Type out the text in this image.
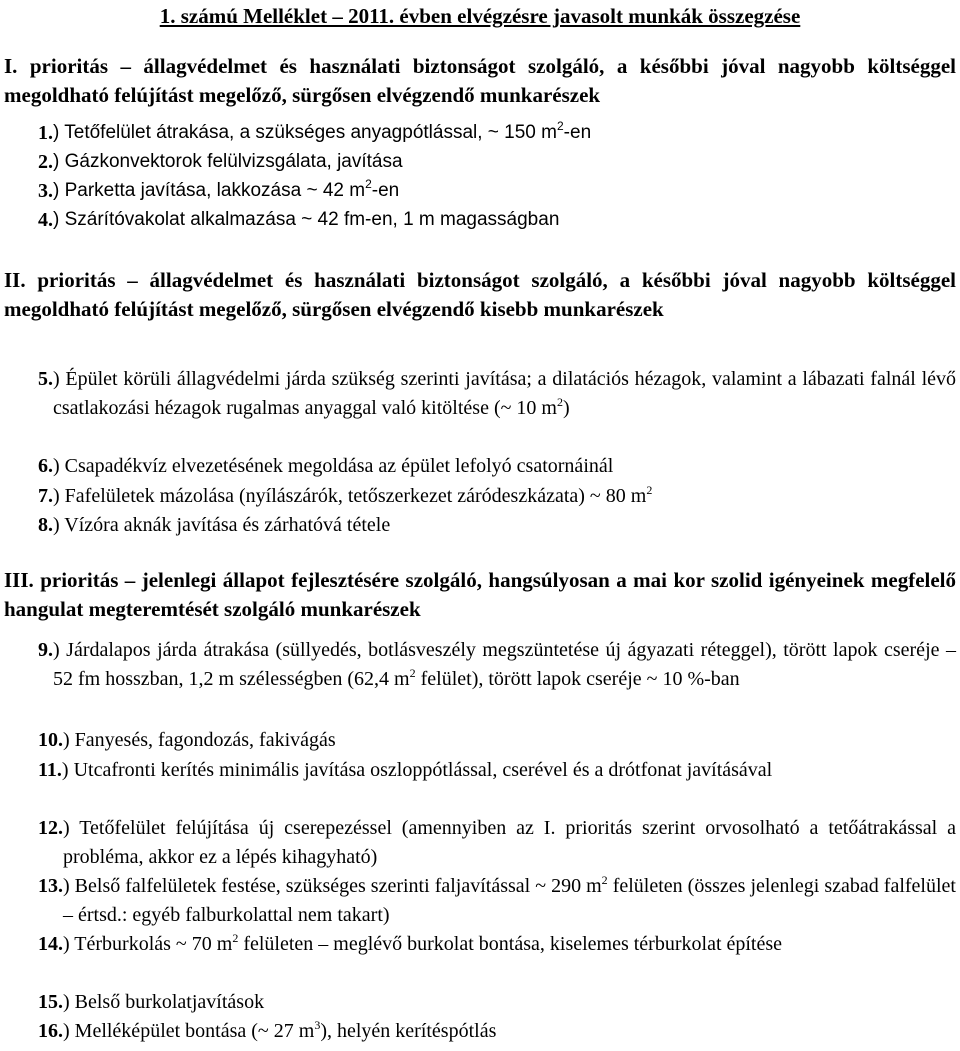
1. számú Melléklet – 2011. évben elvégzésre javasolt munkák összegzése
I. prioritás – állagvédelmet és használati biztonságot szolgáló, a későbbi jóval nagyobb költséggel megoldható felújítást megelőző, sürgősen elvégzendő munkarészek
1. ) Tetőfelület átrakása, a szükséges anyagpótlással, ~ 150 $m^2-en$
2. ) Gázkonvektorok felülvizsgálata, javítása
3. ) Parketta javítása, lakkozása ~ 42 $m^2-en$
4. ) Szárítóvakolat alkalmazása ~ 42 fm-en, 1 m magasságban
II. prioritás – állagvédelmet és használati biztonságot szolgáló, a későbbi jóval nagyobb költséggel megoldható felújítást megelőző, sürgősen elvégzendő kisebb munkarészek
5. ) Épület körüli állagvédelmi járda szükség szerinti javítása; a dilatációs hézagok, valamint a lábazati falnál lévő csatlakozási hézagok rugalmas anyaggal való kitöltése (~ 10 $m^2$)
6. ) Csapadékvíz elvezetésének megoldása az épület lefolyó csatornáinál
7. ) Fafelületek mázolása (nyílászárók, tetőszerkezet záródeszkázata) ~ 80 $m^2$
8. ) Vízóra aknák javítása és zárhatóvá tétele
III. prioritás – jelenlegi állapot fejlesztésére szolgáló, hangsúlyosan a mai kor szolid igényeinek megfelelő hangulat megteremtését szolgáló munkarészek
9. ) Járdalapos járda átrakása (süllyedés, botlásveszély megszüntetése új ágyazati réteggel), törött lapok cseréje – 52 fm hosszban, 1,2 m szélességben (62,4 $m^2$ felület), törött lapok cseréje ~ 10 %-ban
10. ) Fanyesés, fagondozás, fakivágás
11. ) Utcafronti kerítés minimális javítása oszloppótlással, cserével és a drótfonat javításával
12. ) Tetőfelület felújítása új cserepezéssel (amennyiben az I. prioritás szerint orvosolható a tetőátrakással a probléma, akkor ez a lépés kihagyható)
13. ) Belső falfelületek festése, szükséges szerinti faljavítással ~ 290 $m^2$ felületen (összes jelenlegi szabad falfelület – értsd.: egyéb falburkolattal nem takart)
14. ) Térburkolás ~ 70 $m^2$ felületen – meglévő burkolat bontása, kiselemes térburkolat építése
15. ) Belső burkolatjavítások
16. ) Melléképület bontása (~ 27 $m^3$), helyén kerítéspótlás
